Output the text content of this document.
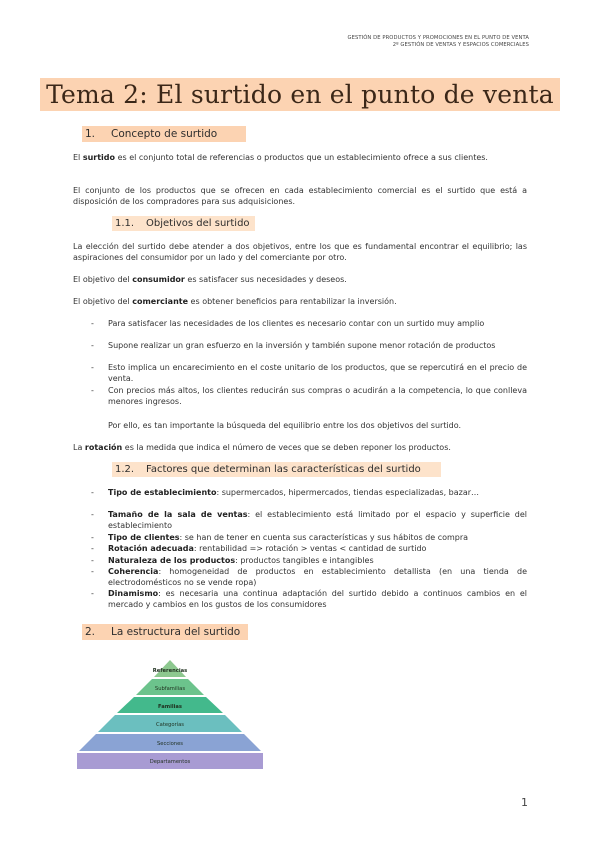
GESTIÓN DE PRODUCTOS Y PROMOCIONES EN EL PUNTO DE VENTA
2º GESTIÓN DE VENTAS Y ESPACIOS COMERCIALES
Tema 2: El surtido en el punto de venta
1. Concepto de surtido

El surtido es el conjunto total de referencias o productos que un establecimiento ofrece a sus clientes.

El conjunto de los productos que se ofrecen en cada establecimiento comercial es el surtido que está a disposición de los compradores para sus adquisiciones.

1.1. Objetivos del surtido

La elección del surtido debe atender a dos objetivos, entre los que es fundamental encontrar el equilibrio; las aspiraciones del consumidor por un lado y del comerciante por otro.

El objetivo del consumidor es satisfacer sus necesidades y deseos.

El objetivo del comerciante es obtener beneficios para rentabilizar la inversión.

- Para satisfacer las necesidades de los clientes es necesario contar con un surtido muy amplio
- Supone realizar un gran esfuerzo en la inversión y también supone menor rotación de productos
- Esto implica un encarecimiento en el coste unitario de los productos, que se repercutirá en el precio de venta.
- Con precios más altos, los clientes reducirán sus compras o acudirán a la competencia, lo que conlleva menores ingresos.

Por ello, es tan importante la búsqueda del equilibrio entre los dos objetivos del surtido.

La rotación es la medida que indica el número de veces que se deben reponer los productos.

1.2. Factores que determinan las características del surtido
- Tipo de establecimiento: supermercados, hipermercados, tiendas especializadas, bazar…
- Tamaño de la sala de ventas: el establecimiento está limitado por el espacio y superficie del establecimiento
- Tipo de clientes: se han de tener en cuenta sus características y sus hábitos de compra
- Rotación adecuada: rentabilidad => rotación > ventas < cantidad de surtido
- Naturaleza de los productos: productos tangibles e intangibles
- Coherencia: homogeneidad de productos en establecimiento detallista (en una tienda de electrodomésticos no se vende ropa)
- Dinamismo: es necesaria una continua adaptación del surtido debido a continuos cambios en el mercado y cambios en los gustos de los consumidores
2. La estructura del surtido
Referencias
Subfamilias
Familias
Categorías
Secciones
Departamentos
1
